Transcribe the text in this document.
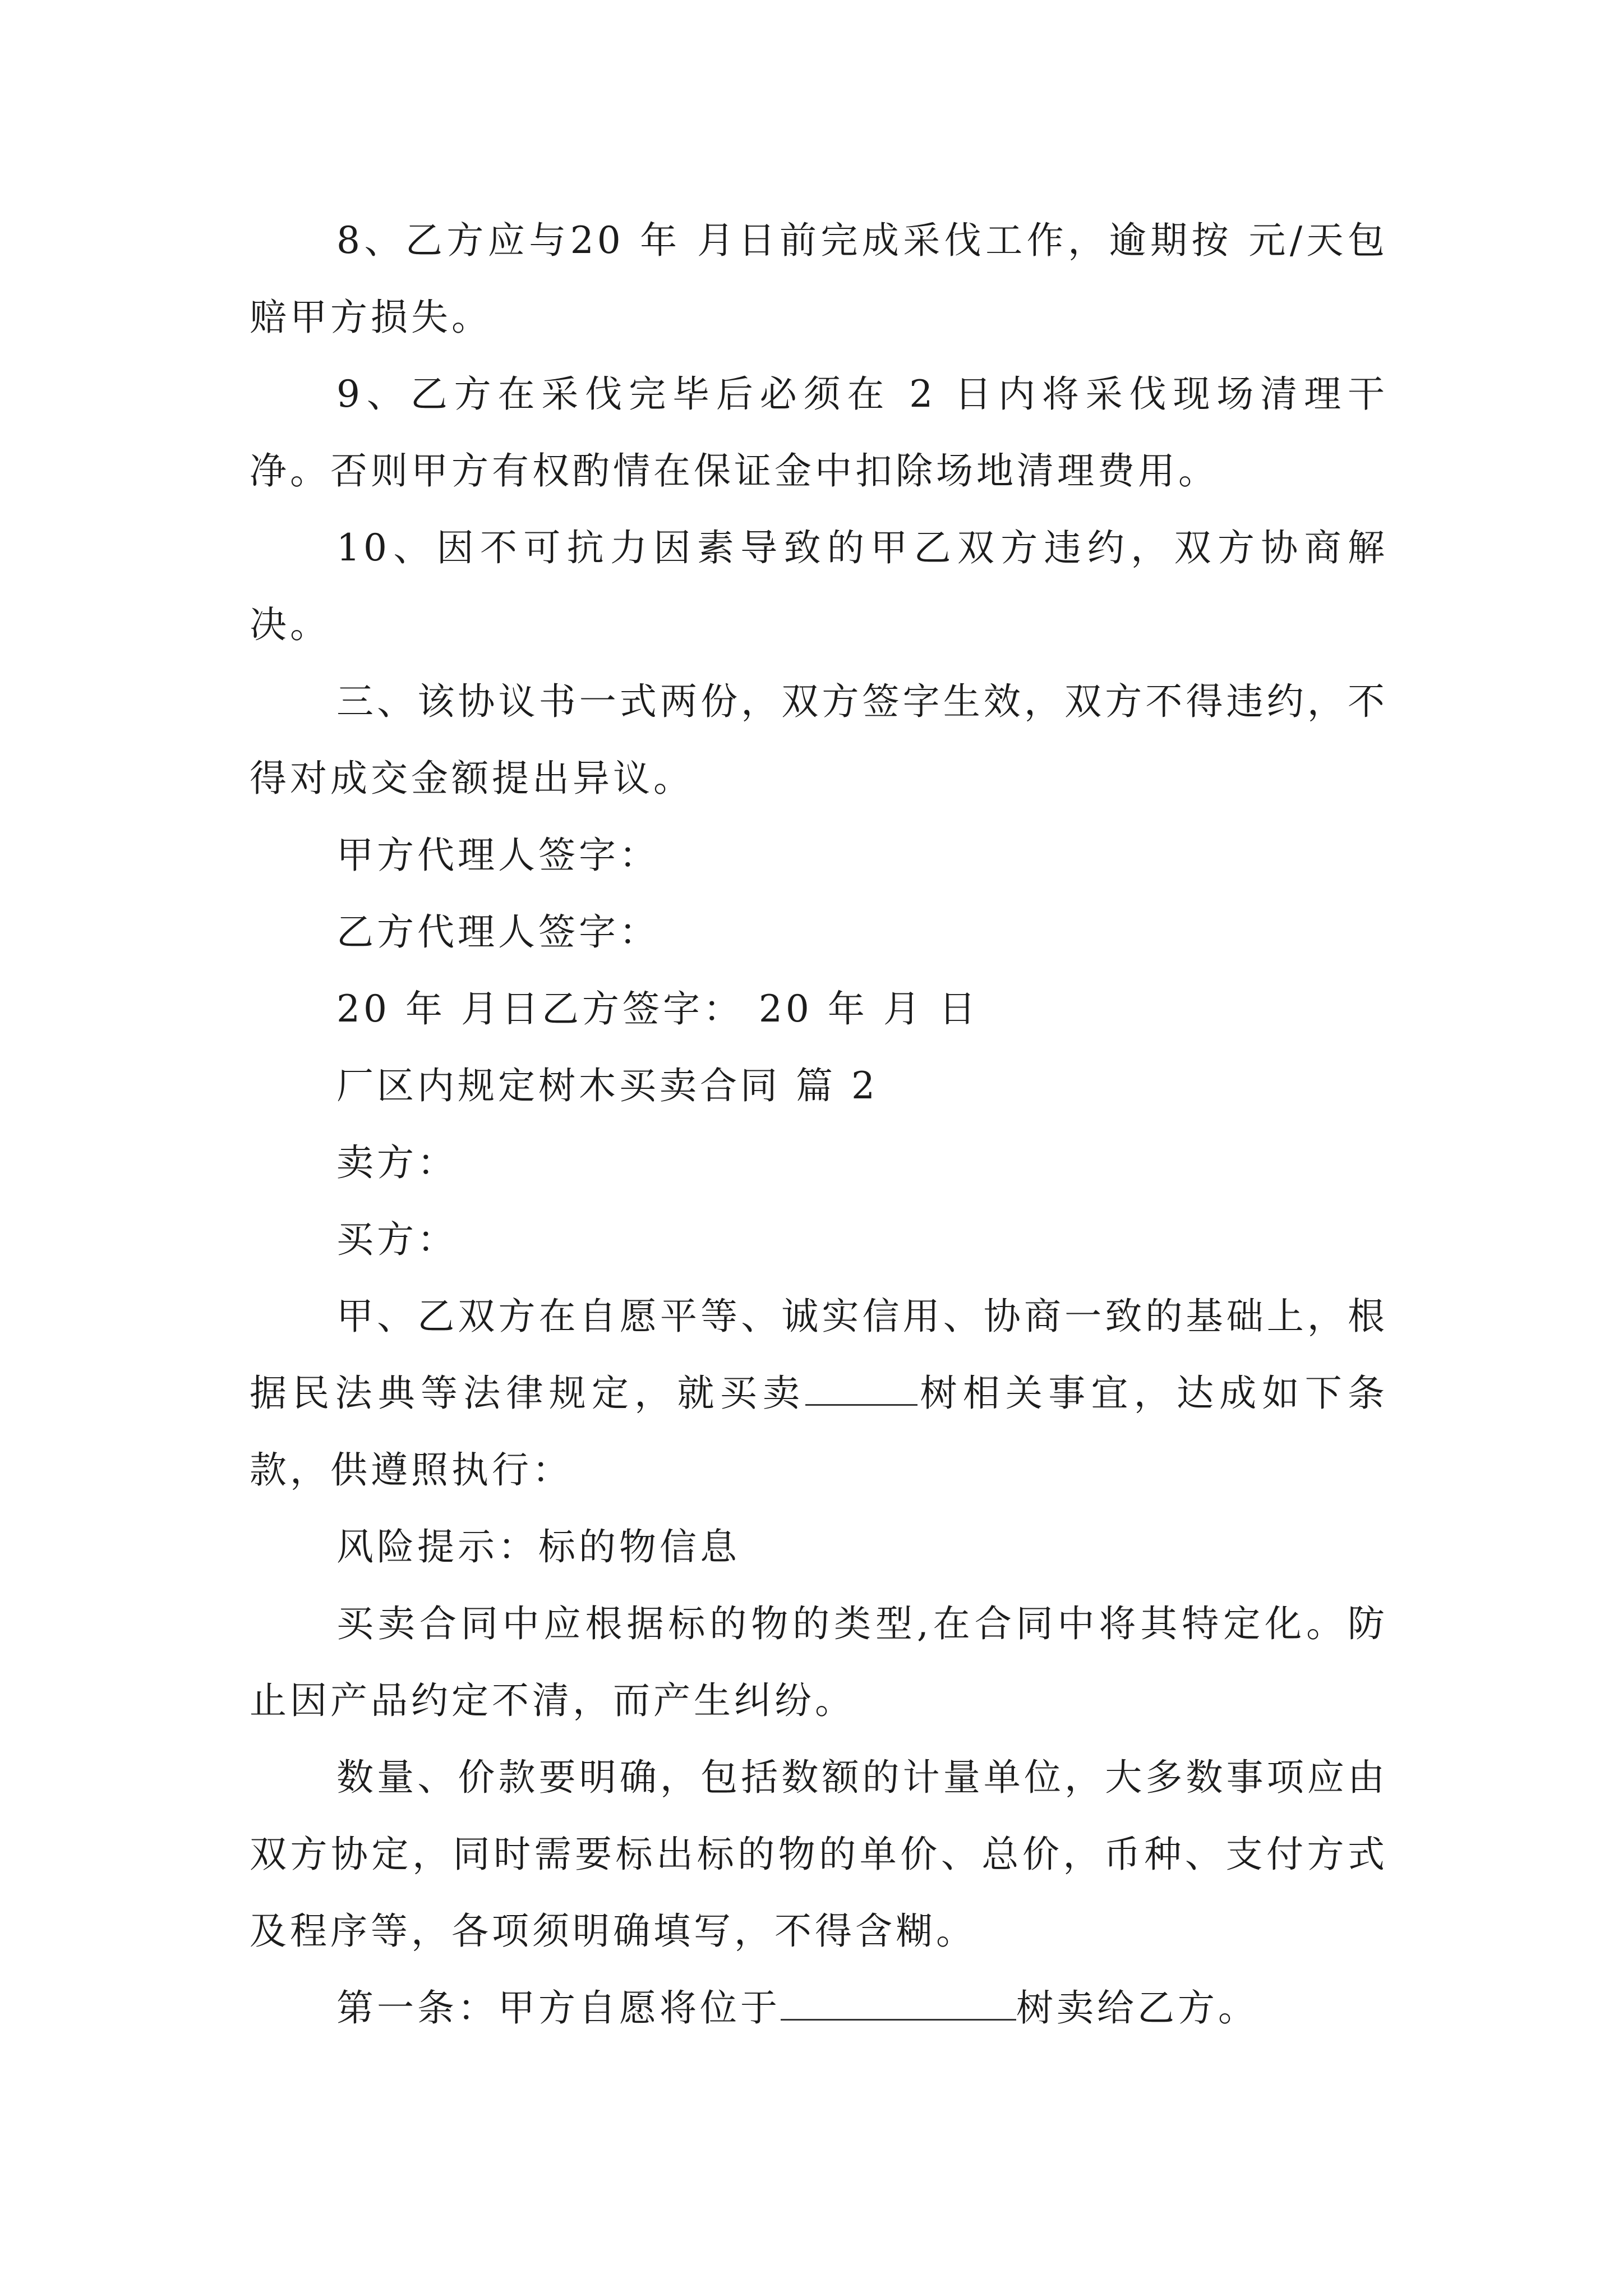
8、乙方应与20 年 月日前完成采伐工作，逾期按 元/天包赔甲方损失。

9、乙方在采伐完毕后必须在 2 日内将采伐现场清理干净。否则甲方有权酌情在保证金中扣除场地清理费用。

10、因不可抗力因素导致的甲乙双方违约，双方协商解决。

三、该协议书一式两份，双方签字生效，双方不得违约，不得对成交金额提出异议。

甲方代理人签字：

乙方代理人签字：

20 年 月日乙方签字： 20 年 月 日

厂区内规定树木买卖合同 篇 2

卖方：

买方：

甲、乙双方在自愿平等、诚实信用、协商一致的基础上，根据民法典等法律规定，就买卖	树相关事宜，达成如下条款，供遵照执行：

风险提示：标的物信息

买卖合同中应根据标的物的类型,在合同中将其特定化。防止因产品约定不清，而产生纠纷。

数量、价款要明确，包括数额的计量单位，大多数事项应由双方协定，同时需要标出标的物的单价、总价，币种、支付方式及程序等，各项须明确填写，不得含糊。

第一条：甲方自愿将位于	树卖给乙方。
